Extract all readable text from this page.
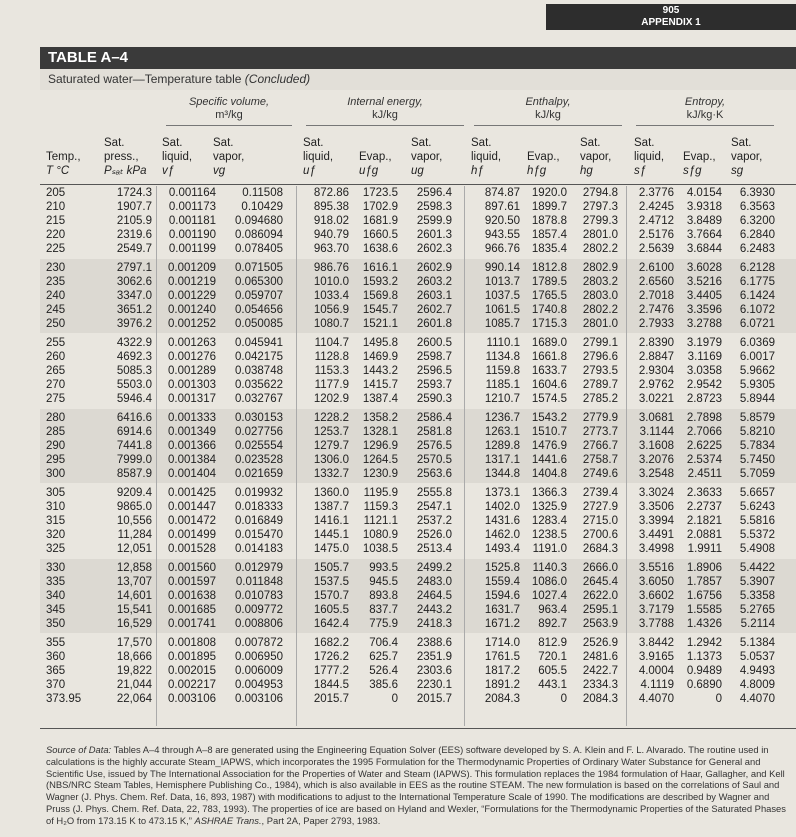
905
APPENDIX 1
TABLE A–4
Saturated water—Temperature table (Concluded)
Specific volume,
m³/kg
Internal energy,
kJ/kg
Enthalpy,
kJ/kg
Entropy,
kJ/kg·K

Temp.,
T °C
Sat.
press.,
Pₛₐₜ kPa
Sat.
liquid,
vƒ
Sat.
vapor,
vɡ
Sat.
liquid,
uƒ

Evap.,
uƒɡ
Sat.
vapor,
uɡ
Sat.
liquid,
hƒ

Evap.,
hƒɡ
Sat.
vapor,
hɡ
Sat.
liquid,
sƒ

Evap.,
sƒɡ
Sat.
vapor,
sɡ
205	1724.3 0.001164 0.11508	872.86 1723.5 2596.4	874.87 1920.0 2794.8 2.3776 4.0154 6.3930
210	1907.7 0.001173 0.10429	895.38 1702.9 2598.3	897.61 1899.7 2797.3 2.4245 3.9318 6.3563
215	2105.9 0.001181 0.094680	918.02 1681.9 2599.9	920.50 1878.8 2799.3 2.4712 3.8489 6.3200
220	2319.6 0.001190 0.086094	940.79 1660.5 2601.3	943.55 1857.4 2801.0 2.5176 3.7664 6.2840
225	2549.7 0.001199 0.078405	963.70 1638.6 2602.3	966.76 1835.4 2802.2 2.5639 3.6844 6.2483
230	2797.1 0.001209 0.071505	986.76 1616.1 2602.9	990.14 1812.8 2802.9 2.6100 3.6028 6.2128
235	3062.6 0.001219 0.065300	1010.0 1593.2 2603.2	1013.7 1789.5 2803.2 2.6560 3.5216 6.1775
240	3347.0 0.001229 0.059707	1033.4 1569.8 2603.1	1037.5 1765.5 2803.0 2.7018 3.4405 6.1424
245	3651.2 0.001240 0.054656	1056.9 1545.7 2602.7	1061.5 1740.8 2802.2 2.7476 3.3596 6.1072
250	3976.2 0.001252 0.050085	1080.7 1521.1 2601.8	1085.7 1715.3 2801.0 2.7933 3.2788 6.0721
255	4322.9 0.001263 0.045941	1104.7 1495.8 2600.5	1110.1 1689.0 2799.1 2.8390 3.1979 6.0369
260	4692.3 0.001276 0.042175	1128.8 1469.9 2598.7	1134.8 1661.8 2796.6 2.8847 3.1169 6.0017
265	5085.3 0.001289 0.038748	1153.3 1443.2 2596.5	1159.8 1633.7 2793.5 2.9304 3.0358 5.9662
270	5503.0 0.001303 0.035622	1177.9 1415.7 2593.7	1185.1 1604.6 2789.7 2.9762 2.9542 5.9305
275	5946.4 0.001317 0.032767	1202.9 1387.4 2590.3	1210.7 1574.5 2785.2 3.0221 2.8723 5.8944
280	6416.6 0.001333 0.030153	1228.2 1358.2 2586.4	1236.7 1543.2 2779.9 3.0681 2.7898 5.8579
285	6914.6 0.001349 0.027756	1253.7 1328.1 2581.8	1263.1 1510.7 2773.7 3.1144 2.7066 5.8210
290	7441.8 0.001366 0.025554	1279.7 1296.9 2576.5	1289.8 1476.9 2766.7 3.1608 2.6225 5.7834
295	7999.0 0.001384 0.023528	1306.0 1264.5 2570.5	1317.1 1441.6 2758.7 3.2076 2.5374 5.7450
300	8587.9 0.001404 0.021659	1332.7 1230.9 2563.6	1344.8 1404.8 2749.6 3.2548 2.4511 5.7059
305	9209.4 0.001425 0.019932	1360.0 1195.9 2555.8	1373.1 1366.3 2739.4 3.3024 2.3633 5.6657
310	9865.0 0.001447 0.018333	1387.7 1159.3 2547.1	1402.0 1325.9 2727.9 3.3506 2.2737 5.6243
315	10,556 0.001472 0.016849	1416.1 1121.1 2537.2	1431.6 1283.4 2715.0 3.3994 2.1821 5.5816
320	11,284 0.001499 0.015470	1445.1 1080.9 2526.0	1462.0 1238.5 2700.6 3.4491 2.0881 5.5372
325	12,051 0.001528 0.014183	1475.0 1038.5 2513.4	1493.4 1191.0 2684.3 3.4998 1.9911 5.4908
330	12,858 0.001560 0.012979	1505.7 993.5 2499.2	1525.8 1140.3 2666.0 3.5516 1.8906 5.4422
335	13,707 0.001597 0.011848	1537.5 945.5 2483.0	1559.4 1086.0 2645.4 3.6050 1.7857 5.3907
340	14,601 0.001638 0.010783	1570.7 893.8 2464.5	1594.6 1027.4 2622.0 3.6602 1.6756 5.3358
345	15,541 0.001685 0.009772	1605.5 837.7 2443.2	1631.7 963.4 2595.1 3.7179 1.5585 5.2765
350	16,529 0.001741 0.008806	1642.4 775.9 2418.3	1671.2 892.7 2563.9 3.7788 1.4326 5.2114
355	17,570 0.001808 0.007872	1682.2 706.4 2388.6	1714.0 812.9 2526.9 3.8442 1.2942 5.1384
360	18,666 0.001895 0.006950	1726.2 625.7 2351.9	1761.5 720.1 2481.6 3.9165 1.1373 5.0537
365	19,822 0.002015 0.006009	1777.2 526.4 2303.6	1817.2 605.5 2422.7 4.0004 0.9489 4.9493
370	21,044 0.002217 0.004953	1844.5 385.6 2230.1	1891.2 443.1 2334.3 4.1119 0.6890 4.8009
373.95	22,064 0.003106 0.003106	2015.7	0 2015.7	2084.3	0 2084.3 4.4070	0 4.4070
Source of Data: Tables A–4 through A–8 are generated using the Engineering Equation Solver (EES) software developed by S. A. Klein and F. L. Alvarado. The routine used in calculations is the highly accurate Steam_IAPWS, which incorporates the 1995 Formulation for the Thermodynamic Properties of Ordinary Water Substance for General and Scientific Use, issued by The International Association for the Properties of Water and Steam (IAPWS). This formulation replaces the 1984 formulation of Haar, Gallagher, and Kell (NBS/NRC Steam Tables, Hemisphere Publishing Co., 1984), which is also available in EES as the routine STEAM. The new formulation is based on the correlations of Saul and Wagner (J. Phys. Chem. Ref. Data, 16, 893, 1987) with modifications to adjust to the International Temperature Scale of 1990. The modifications are described by Wagner and Pruss (J. Phys. Chem. Ref. Data, 22, 783, 1993). The properties of ice are based on Hyland and Wexler, “Formulations for the Thermodynamic Properties of the Saturated Phases of H₂O from 173.15 K to 473.15 K,” ASHRAE Trans., Part 2A, Paper 2793, 1983.
